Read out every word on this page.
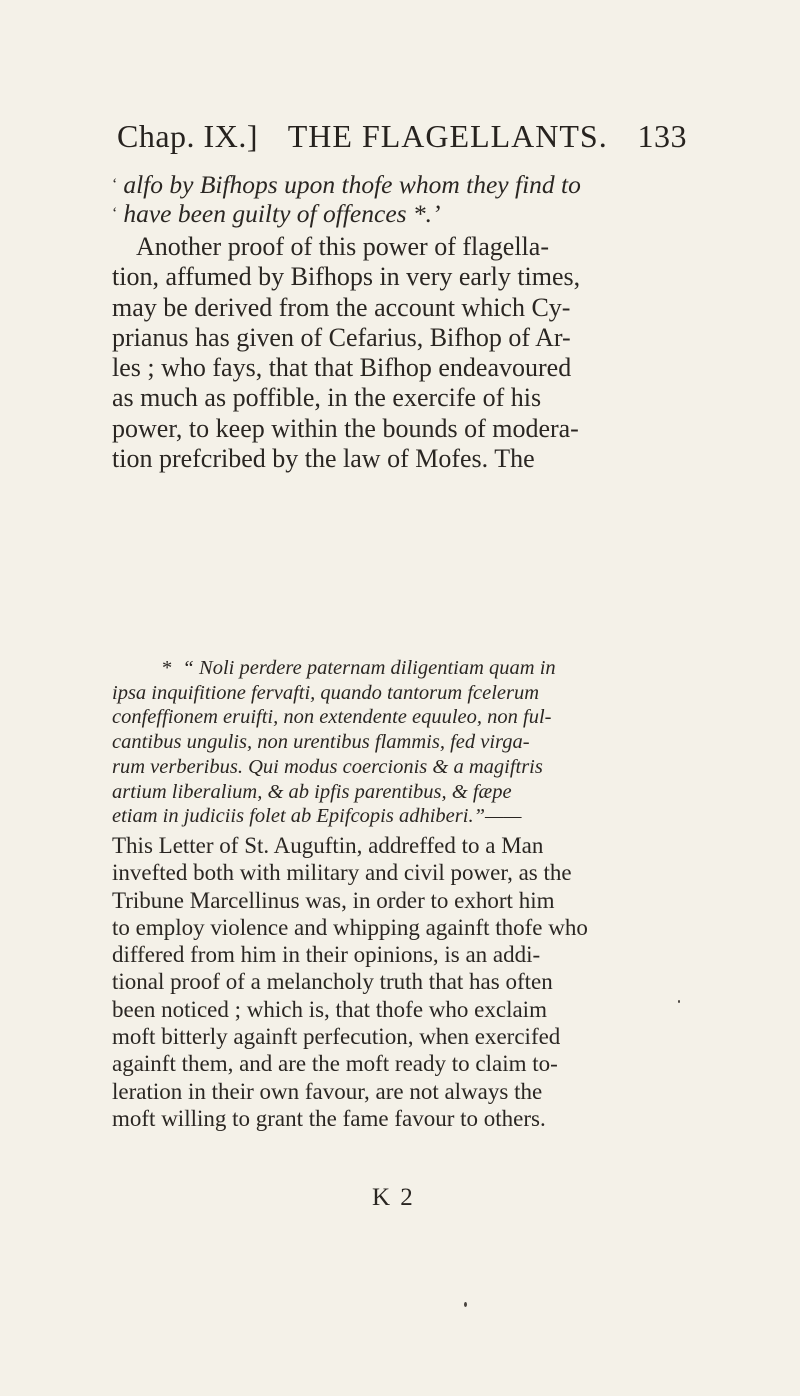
Chap. IX.] THE FLAGELLANTS. 133
‘ alfo by Bifhops upon thofe whom they find to
‘ have been guilty of offences *.’
Another proof of this power of flagella-
tion, affumed by Bifhops in very early times,
may be derived from the account which Cy-
prianus has given of Cefarius, Bifhop of Ar-
les ; who fays, that that Bifhop endeavoured
as much as poffible, in the exercife of his
power, to keep within the bounds of modera-
tion prefcribed by the law of Mofes. The
* “ Noli perdere paternam diligentiam quam in
ipsa inquifitione fervafti, quando tantorum fcelerum
confeffionem eruifti, non extendente equuleo, non ful-
cantibus ungulis, non urentibus flammis, fed virga-
rum verberibus. Qui modus coercionis & a magiftris
artium liberalium, & ab ipfis parentibus, & fæpe
etiam in judiciis folet ab Epifcopis adhiberi.”——
This Letter of St. Auguftin, addreffed to a Man
invefted both with military and civil power, as the
Tribune Marcellinus was, in order to exhort him
to employ violence and whipping againft thofe who
differed from him in their opinions, is an addi-
tional proof of a melancholy truth that has often
been noticed ; which is, that thofe who exclaim
moft bitterly againft perfecution, when exercifed
againft them, and are the moft ready to claim to-
leration in their own favour, are not always the
moft willing to grant the fame favour to others.
K 2
